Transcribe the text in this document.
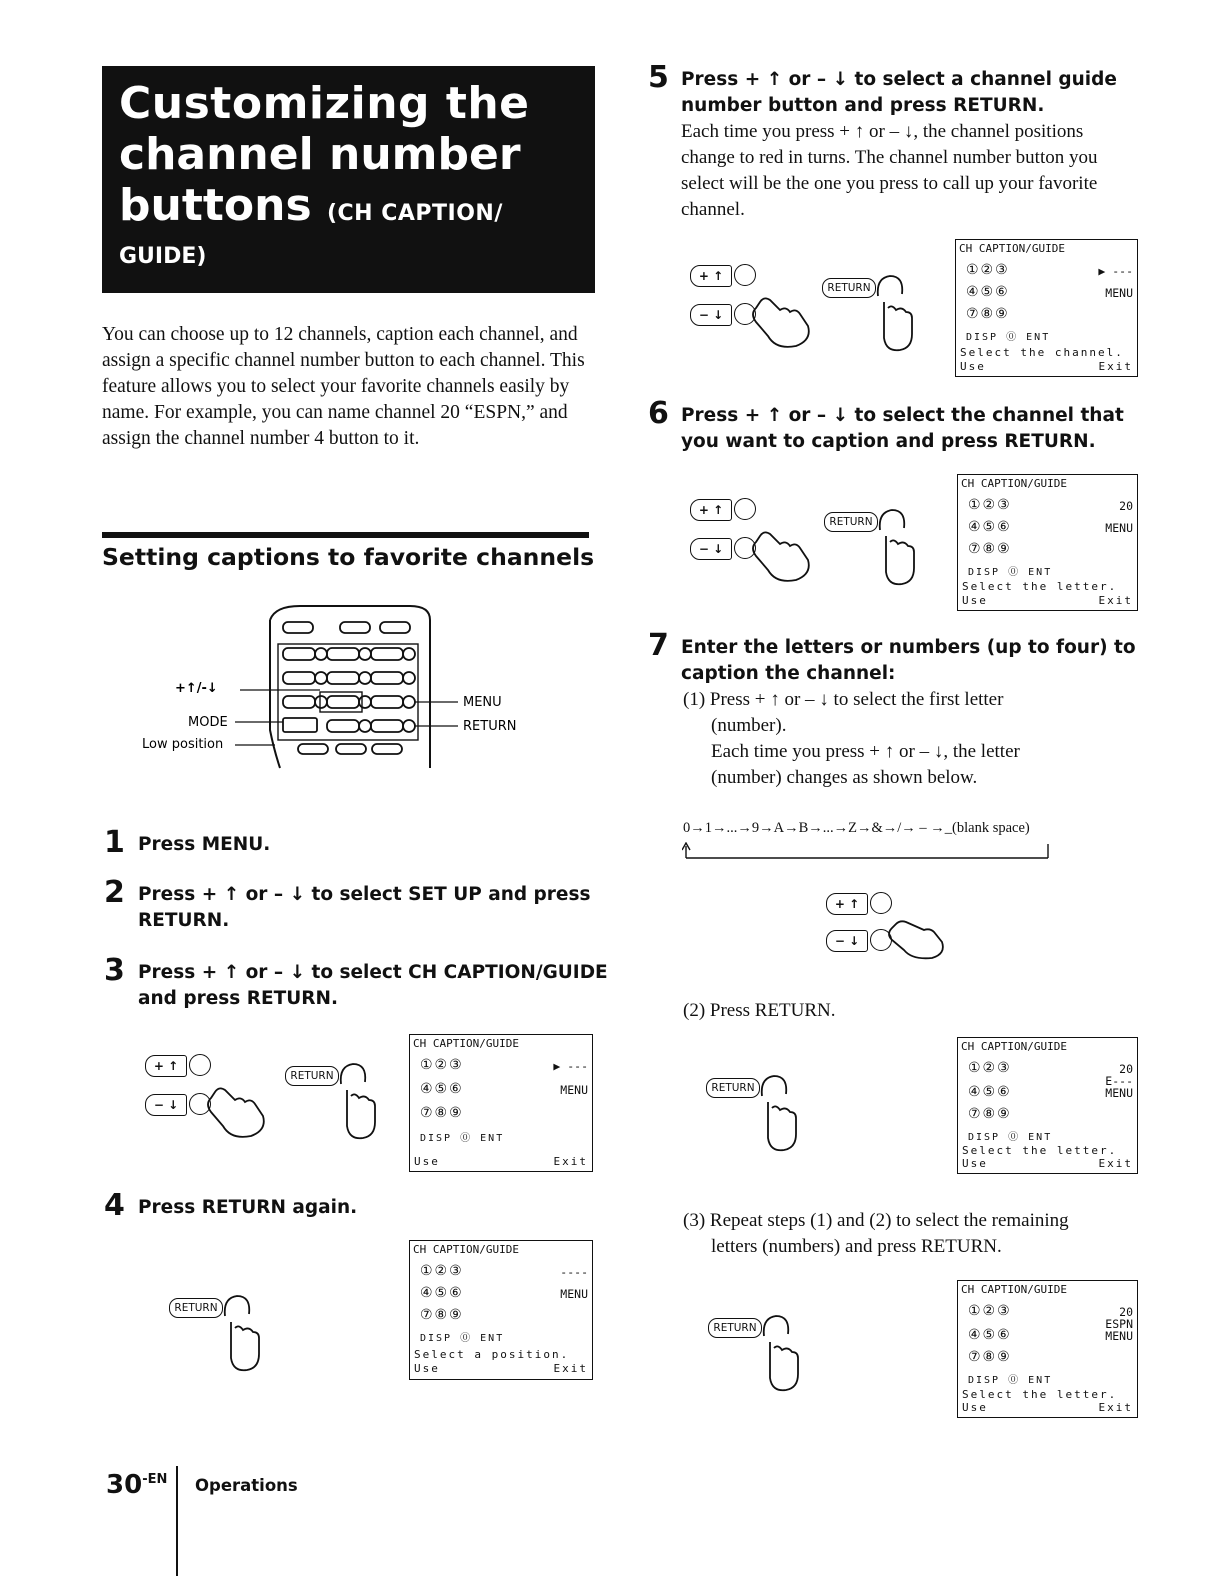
Customizing the
channel number
buttons (CH CAPTION/
GUIDE)
You can choose up to 12 channels, caption each channel, and assign a specific channel number button to each channel. This feature allows you to select your favorite channels easily by name. For example, you can name channel 20 “ESPN,” and assign the channel number 4 button to it.
Setting captions to favorite channels
+↑/-↓
MODE
Low position
MENU
RETURN
1 Press MENU.
2 Press + ↑ or – ↓ to select SET UP and press
RETURN.
3 Press + ↑ or – ↓ to select CH CAPTION/GUIDE
and press RETURN.
+ ↑
− ↓
RETURN
CH CAPTION/GUIDE
①②③	▶ ---
④⑤⑥	MENU
⑦⑧⑨
DISP ⓪ ENT
Use	Exit
4 Press RETURN again.
RETURN
CH CAPTION/GUIDE
①②③	----
④⑤⑥	MENU
⑦⑧⑨
DISP ⓪ ENT
Select a position.
Use	Exit
5 Press + ↑ or – ↓ to select a channel guide
number button and press RETURN.
Each time you press + ↑ or – ↓, the channel positions change to red in turns. The channel number button you select will be the one you press to call up your favorite channel.
+ ↑
− ↓
RETURN
CH CAPTION/GUIDE
①②③	▶ ---
④⑤⑥	MENU
⑦⑧⑨
DISP ⓪ ENT
Select the channel.
Use	Exit
6 Press + ↑ or – ↓ to select the channel that
you want to caption and press RETURN.
+ ↑
− ↓
RETURN
CH CAPTION/GUIDE
①②③	20
④⑤⑥	MENU
⑦⑧⑨
DISP ⓪ ENT
Select the letter.
Use	Exit
7 Enter the letters or numbers (up to four) to
caption the channel:
(1) Press + ↑ or – ↓ to select the first letter
(number).
Each time you press + ↑ or – ↓, the letter
(number) changes as shown below.
0→1→...→9→A→B→...→Z→&→/→ – →_(blank space)
+ ↑
− ↓
(2) Press RETURN.
RETURN
CH CAPTION/GUIDE
①②③	20
E---
④⑤⑥	MENU
⑦⑧⑨
DISP ⓪ ENT
Select the letter.
Use	Exit
(3) Repeat steps (1) and (2) to select the remaining
letters (numbers) and press RETURN.
RETURN
CH CAPTION/GUIDE
①②③	20
ESPN
④⑤⑥	MENU
⑦⑧⑨
DISP ⓪ ENT
Select the letter.
Use	Exit
$30^{-EN}$ Operations
